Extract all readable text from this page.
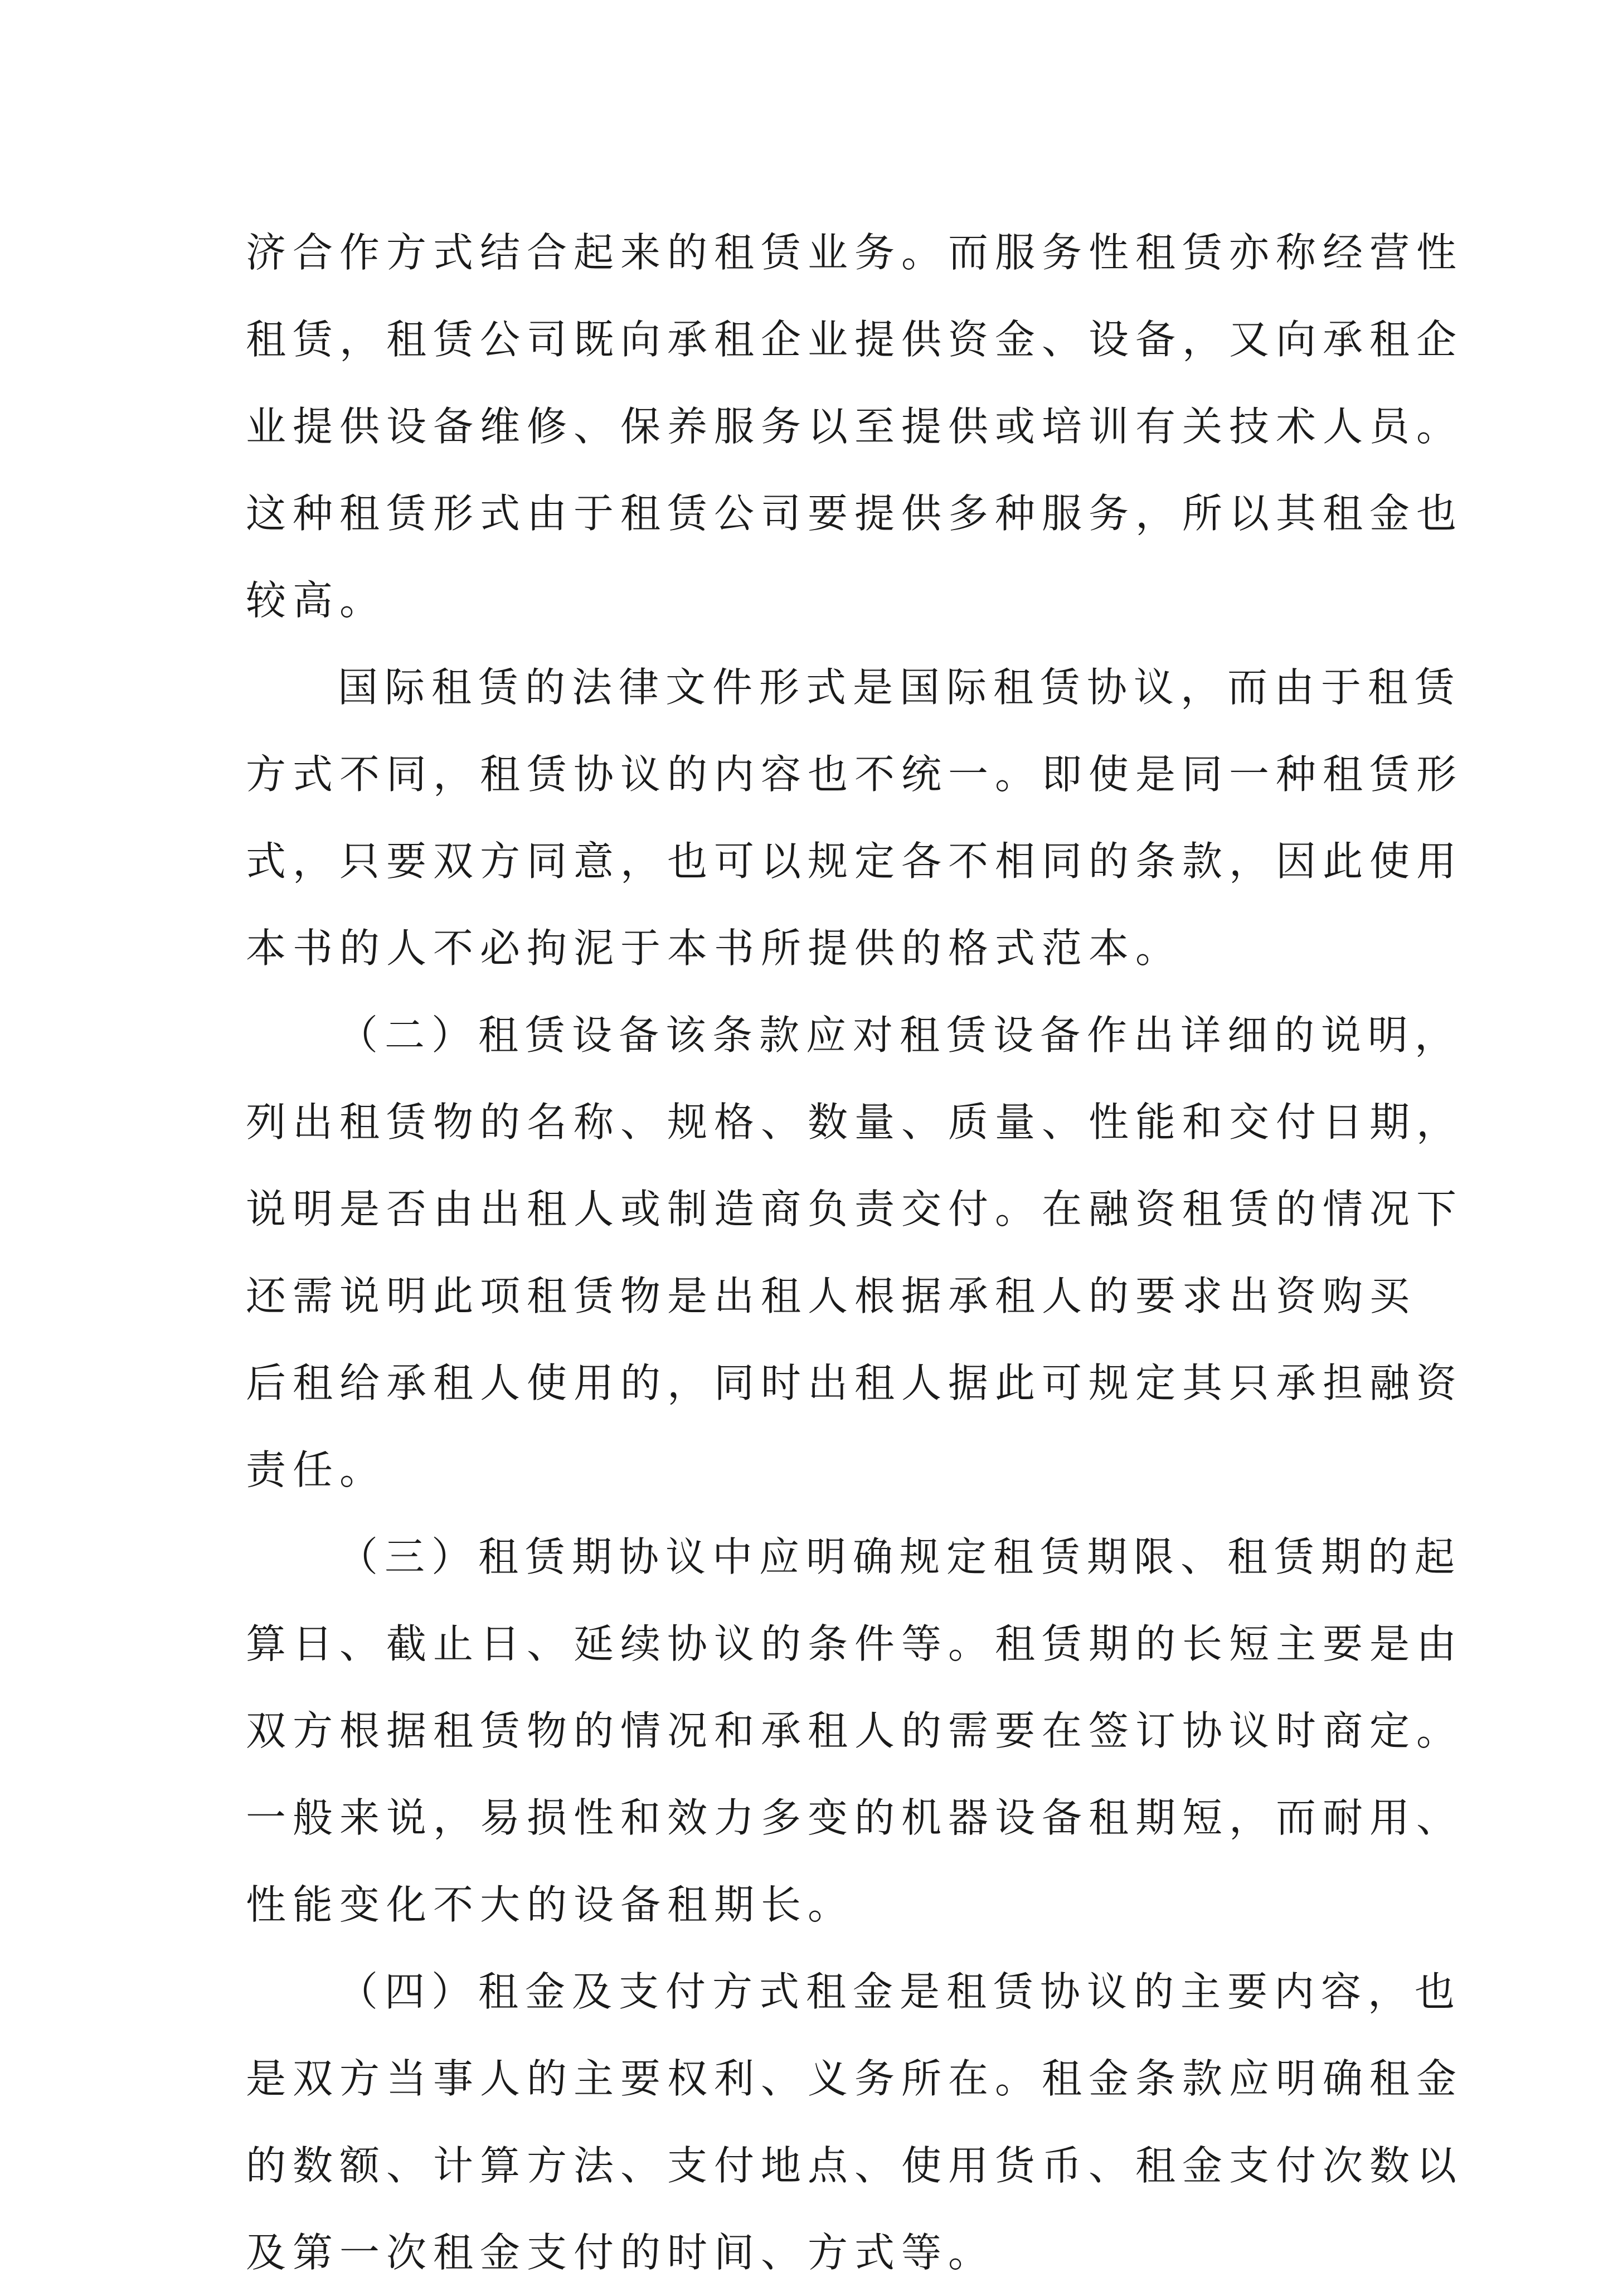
济合作方式结合起来的租赁业务。而服务性租赁亦称经营性
租赁，租赁公司既向承租企业提供资金、设备，又向承租企
业提供设备维修、保养服务以至提供或培训有关技术人员。
这种租赁形式由于租赁公司要提供多种服务，所以其租金也
较高。
国际租赁的法律文件形式是国际租赁协议，而由于租赁
方式不同，租赁协议的内容也不统一。即使是同一种租赁形
式，只要双方同意，也可以规定各不相同的条款，因此使用
本书的人不必拘泥于本书所提供的格式范本。
（二）租赁设备该条款应对租赁设备作出详细的说明，
列出租赁物的名称、规格、数量、质量、性能和交付日期，
说明是否由出租人或制造商负责交付。在融资租赁的情况下
还需说明此项租赁物是出租人根据承租人的要求出资购买
后租给承租人使用的，同时出租人据此可规定其只承担融资
责任。
（三）租赁期协议中应明确规定租赁期限、租赁期的起
算日、截止日、延续协议的条件等。租赁期的长短主要是由
双方根据租赁物的情况和承租人的需要在签订协议时商定。
一般来说，易损性和效力多变的机器设备租期短，而耐用、
性能变化不大的设备租期长。
（四）租金及支付方式租金是租赁协议的主要内容，也
是双方当事人的主要权利、义务所在。租金条款应明确租金
的数额、计算方法、支付地点、使用货币、租金支付次数以
及第一次租金支付的时间、方式等。
